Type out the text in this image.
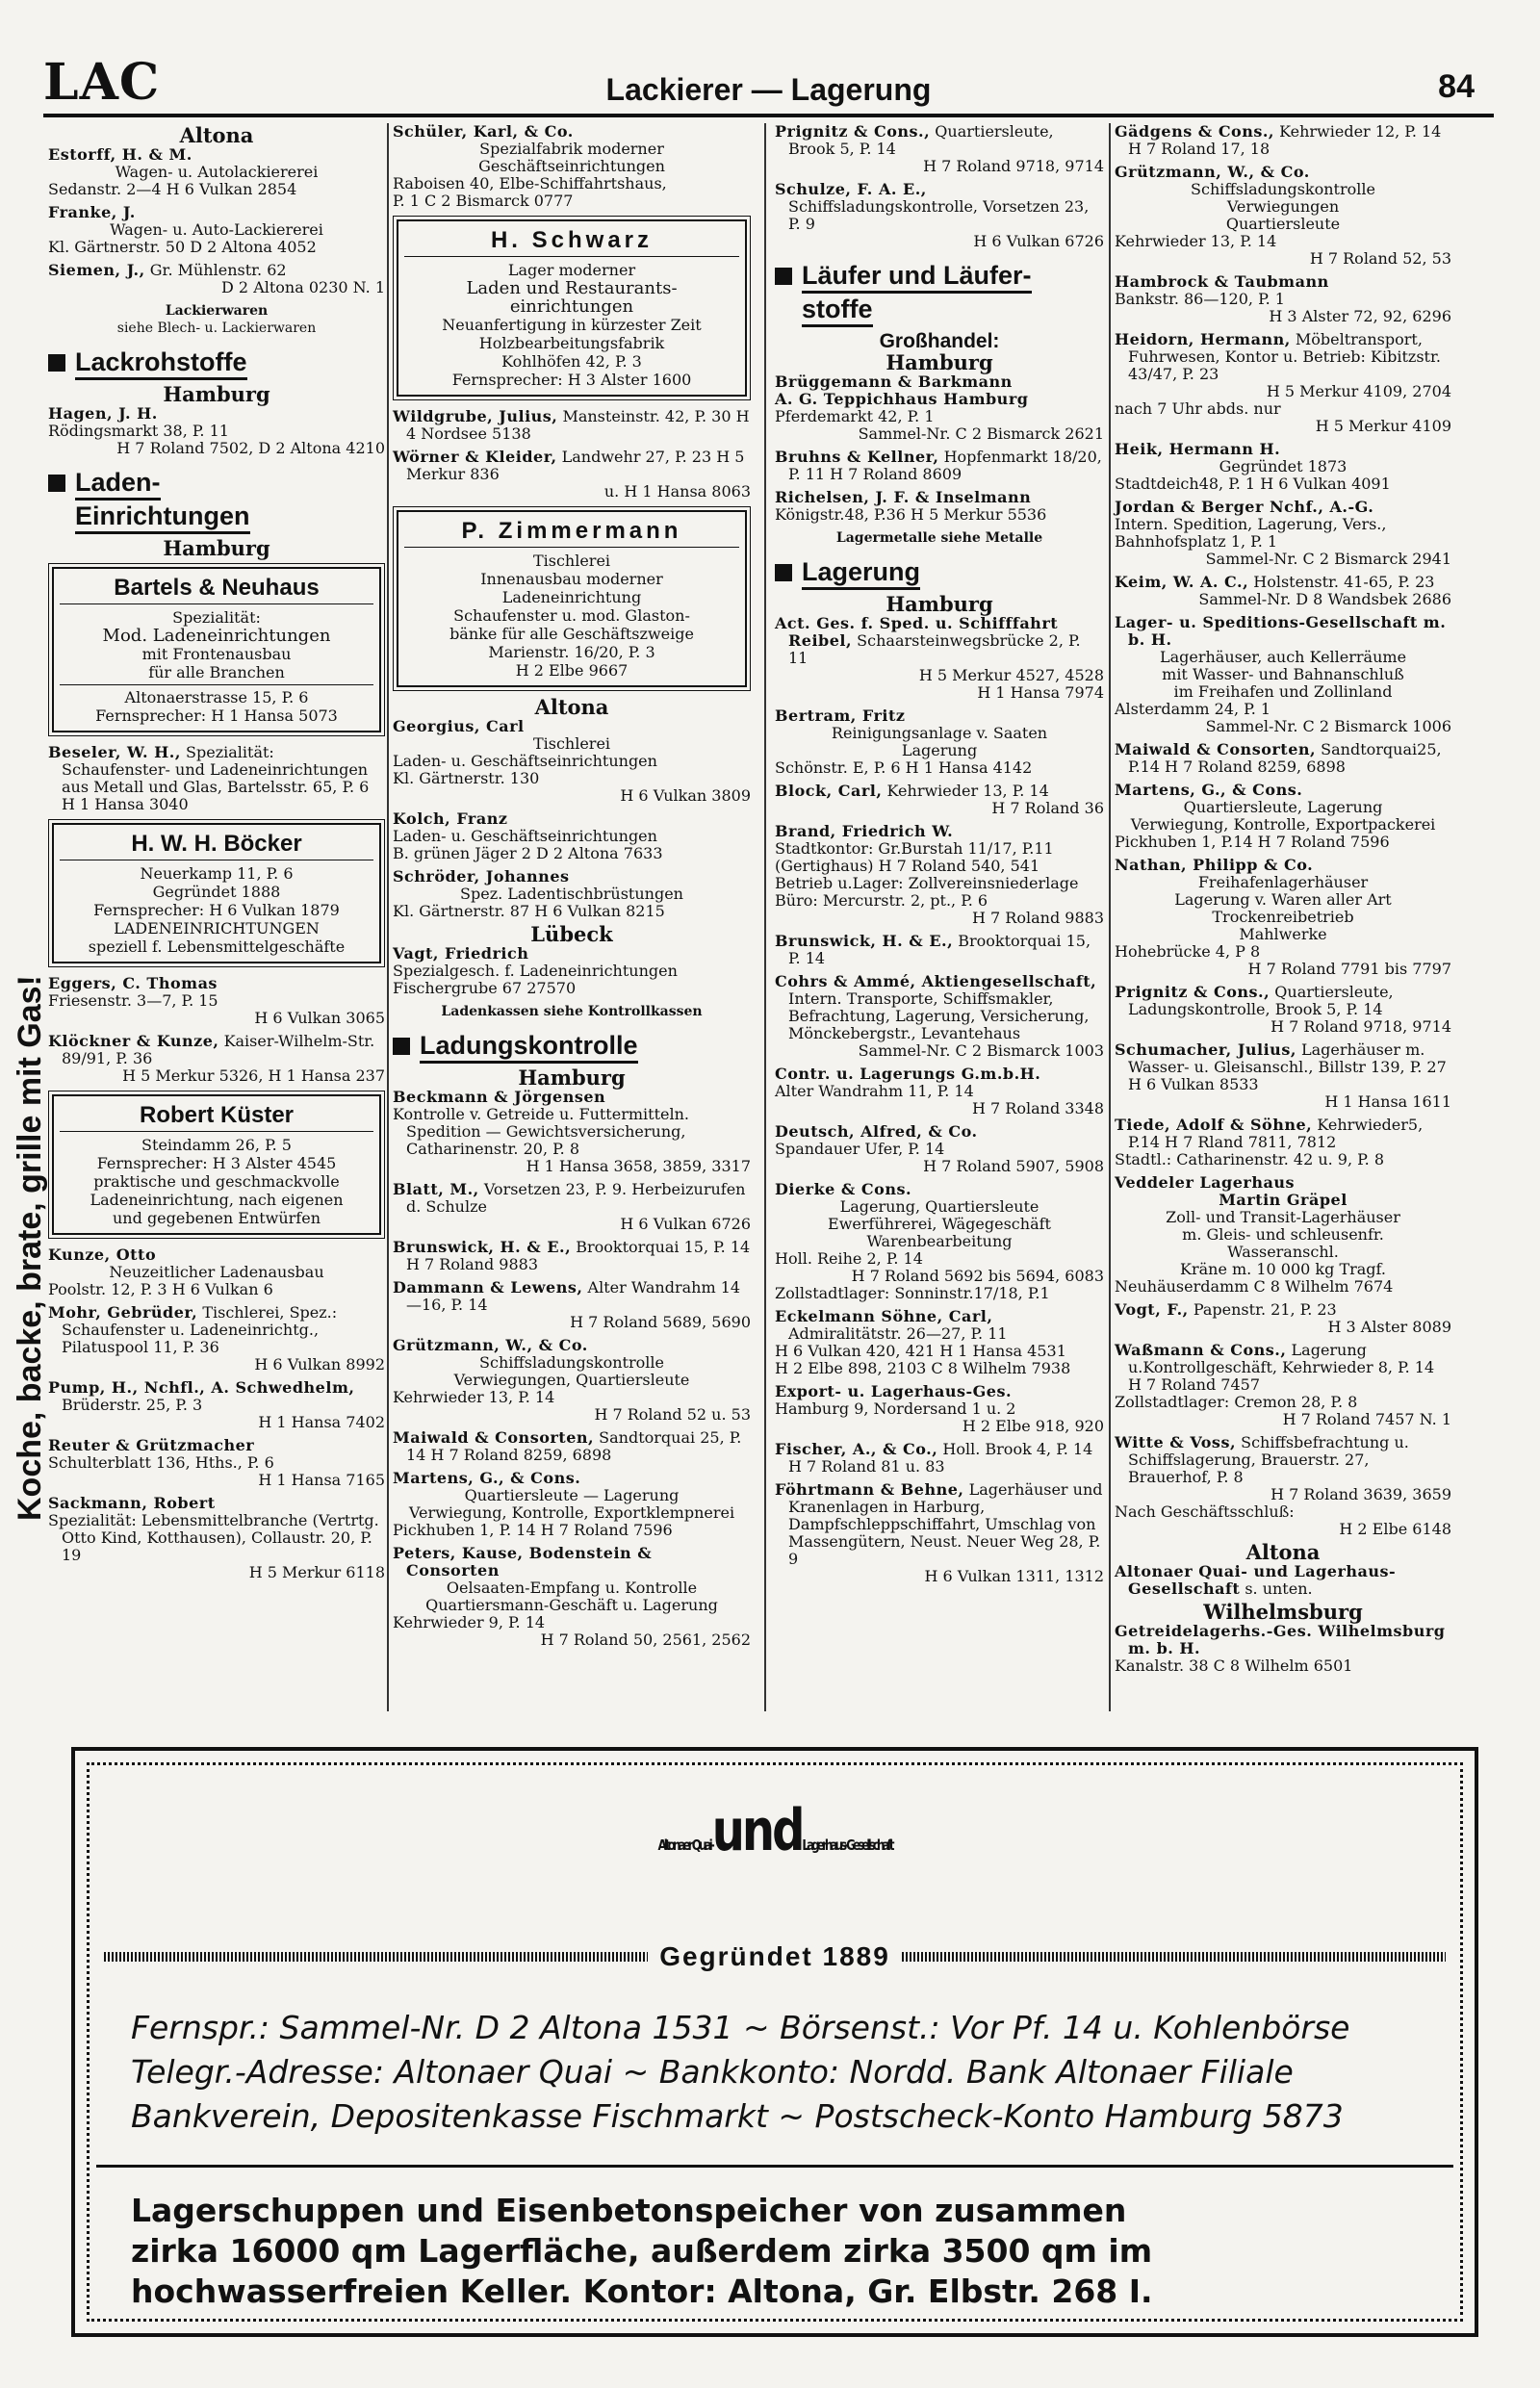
LAC	Lackierer — Lagerung	84
Koche, backe, brate, grille mit Gas!
Altona

Estorff, H. & M.

Wagen- u. Autolackiererei

Sedanstr. 2—4 H 6 Vulkan 2854

Franke, J.

Wagen- u. Auto-Lackiererei

Kl. Gärtnerstr. 50 D 2 Altona 4052

Siemen, J., Gr. Mühlenstr. 62

D 2 Altona 0230 N. 1

Lackierwaren
siehe Blech- u. Lackierwaren
Lackrohstoffe
Hamburg

Hagen, J. H.

Rödingsmarkt 38, P. 11

H 7 Roland 7502, D 2 Altona 4210

Laden-
Einrichtungen
Hamburg
Bartels & Neuhaus
Spezialität:
Mod. Ladeneinrichtungen
mit Frontenausbau
für alle Branchen
Altonaerstrasse 15, P. 6
Fernsprecher: H 1 Hansa 5073

Beseler, W. H., Spezialität: Schaufenster- und Ladeneinrichtungen aus Metall und Glas, Bartelsstr. 65, P. 6 H 1 Hansa 3040

H. W. H. Böcker
Neuerkamp 11, P. 6
Gegründet 1888
Fernsprecher: H 6 Vulkan 1879
LADENEINRICHTUNGEN
speziell f. Lebensmittelgeschäfte

Eggers, C. Thomas

Friesenstr. 3—7, P. 15

H 6 Vulkan 3065

Klöckner & Kunze, Kaiser-Wilhelm-Str. 89/91, P. 36

H 5 Merkur 5326, H 1 Hansa 237

Robert Küster
Steindamm 26, P. 5
Fernsprecher: H 3 Alster 4545
praktische und geschmackvolle
Ladeneinrichtung, nach eigenen
und gegebenen Entwürfen

Kunze, Otto

Neuzeitlicher Ladenausbau

Poolstr. 12, P. 3 H 6 Vulkan 6

Mohr, Gebrüder, Tischlerei, Spez.: Schaufenster u. Ladeneinrichtg., Pilatuspool 11, P. 36

H 6 Vulkan 8992

Pump, H., Nchfl., A. Schwedhelm, Brüderstr. 25, P. 3

H 1 Hansa 7402

Reuter & Grützmacher

Schulterblatt 136, Hths., P. 6

H 1 Hansa 7165

Sackmann, Robert

Spezialität: Lebensmittelbranche (Vertrtg. Otto Kind, Kotthausen), Collaustr. 20, P. 19

H 5 Merkur 6118

Schüler, Karl, & Co.

Spezialfabrik moderner

Geschäftseinrichtungen

Raboisen 40, Elbe-Schiffahrtshaus,

P. 1 C 2 Bismarck 0777

H. Schwarz
Lager moderner
Laden und Restaurants-
einrichtungen
Neuanfertigung in kürzester Zeit
Holzbearbeitungsfabrik
Kohlhöfen 42, P. 3
Fernsprecher: H 3 Alster 1600

Wildgrube, Julius, Mansteinstr. 42, P. 30 H 4 Nordsee 5138

Wörner & Kleider, Landwehr 27, P. 23 H 5 Merkur 836

u. H 1 Hansa 8063

P. Zimmermann
Tischlerei
Innenausbau moderner
Ladeneinrichtung
Schaufenster u. mod. Glaston-
bänke für alle Geschäftszweige
Marienstr. 16/20, P. 3
H 2 Elbe 9667
Altona

Georgius, Carl

Tischlerei

Laden- u. Geschäftseinrichtungen

Kl. Gärtnerstr. 130

H 6 Vulkan 3809

Kolch, Franz

Laden- u. Geschäftseinrichtungen

B. grünen Jäger 2 D 2 Altona 7633

Schröder, Johannes

Spez. Ladentischbrüstungen

Kl. Gärtnerstr. 87 H 6 Vulkan 8215

Lübeck

Vagt, Friedrich

Spezialgesch. f. Ladeneinrichtungen

Fischergrube 67 27570

Ladenkassen siehe Kontrollkassen
Ladungskontrolle
Hamburg

Beckmann & Jörgensen

Kontrolle v. Getreide u. Futtermitteln. Spedition — Gewichtsversicherung, Catharinenstr. 20, P. 8

H 1 Hansa 3658, 3859, 3317

Blatt, M., Vorsetzen 23, P. 9. Herbeizurufen d. Schulze

H 6 Vulkan 6726

Brunswick, H. & E., Brooktorquai 15, P. 14 H 7 Roland 9883

Dammann & Lewens, Alter Wandrahm 14—16, P. 14

H 7 Roland 5689, 5690

Grützmann, W., & Co.

Schiffsladungskontrolle

Verwiegungen, Quartiersleute

Kehrwieder 13, P. 14

H 7 Roland 52 u. 53

Maiwald & Consorten, Sandtorquai 25, P. 14 H 7 Roland 8259, 6898

Martens, G., & Cons.

Quartiersleute — Lagerung

Verwiegung, Kontrolle, Exportklempnerei

Pickhuben 1, P. 14 H 7 Roland 7596

Peters, Kause, Bodenstein & Consorten

Oelsaaten-Empfang u. Kontrolle

Quartiersmann-Geschäft u. Lagerung

Kehrwieder 9, P. 14

H 7 Roland 50, 2561, 2562

Prignitz & Cons., Quartiersleute, Brook 5, P. 14

H 7 Roland 9718, 9714

Schulze, F. A. E., Schiffsladungskontrolle, Vorsetzen 23, P. 9

H 6 Vulkan 6726

Läufer und Läufer-
stoffe
Großhandel:
Hamburg

Brüggemann & Barkmann

A. G. Teppichhaus Hamburg

Pferdemarkt 42, P. 1

Sammel-Nr. C 2 Bismarck 2621

Bruhns & Kellner, Hopfenmarkt 18/20, P. 11 H 7 Roland 8609

Richelsen, J. F. & Inselmann

Königstr.48, P.36 H 5 Merkur 5536

Lagermetalle siehe Metalle
Lagerung
Hamburg

Act. Ges. f. Sped. u. Schifffahrt Reibel, Schaarsteinwegsbrücke 2, P. 11

H 5 Merkur 4527, 4528

H 1 Hansa 7974

Bertram, Fritz

Reinigungsanlage v. Saaten

Lagerung

Schönstr. E, P. 6 H 1 Hansa 4142

Block, Carl, Kehrwieder 13, P. 14

H 7 Roland 36

Brand, Friedrich W.

Stadtkontor: Gr.Burstah 11/17, P.11

(Gertighaus) H 7 Roland 540, 541

Betrieb u.Lager: Zollvereinsniederlage

Büro: Mercurstr. 2, pt., P. 6

H 7 Roland 9883

Brunswick, H. & E., Brooktorquai 15, P. 14

Cohrs & Ammé, Aktiengesellschaft, Intern. Transporte, Schiffsmakler, Befrachtung, Lagerung, Versicherung, Mönckebergstr., Levantehaus

Sammel-Nr. C 2 Bismarck 1003

Contr. u. Lagerungs G.m.b.H.

Alter Wandrahm 11, P. 14

H 7 Roland 3348

Deutsch, Alfred, & Co.

Spandauer Ufer, P. 14

H 7 Roland 5907, 5908

Dierke & Cons.

Lagerung, Quartiersleute

Ewerführerei, Wägegeschäft

Warenbearbeitung

Holl. Reihe 2, P. 14

H 7 Roland 5692 bis 5694, 6083

Zollstadtlager: Sonninstr.17/18, P.1

Eckelmann Söhne, Carl, Admiralitätstr. 26—27, P. 11

H 6 Vulkan 420, 421 H 1 Hansa 4531

H 2 Elbe 898, 2103 C 8 Wilhelm 7938

Export- u. Lagerhaus-Ges.

Hamburg 9, Nordersand 1 u. 2

H 2 Elbe 918, 920

Fischer, A., & Co., Holl. Brook 4, P. 14 H 7 Roland 81 u. 83

Föhrtmann & Behne, Lagerhäuser und Kranenlagen in Harburg, Dampfschleppschiffahrt, Umschlag von Massengütern, Neust. Neuer Weg 28, P. 9

H 6 Vulkan 1311, 1312

Gädgens & Cons., Kehrwieder 12, P. 14 H 7 Roland 17, 18

Grützmann, W., & Co.

Schiffsladungskontrolle

Verwiegungen

Quartiersleute

Kehrwieder 13, P. 14

H 7 Roland 52, 53

Hambrock & Taubmann

Bankstr. 86—120, P. 1

H 3 Alster 72, 92, 6296

Heidorn, Hermann, Möbeltransport, Fuhrwesen, Kontor u. Betrieb: Kibitzstr. 43/47, P. 23

H 5 Merkur 4109, 2704

nach 7 Uhr abds. nur

H 5 Merkur 4109

Heik, Hermann H.

Gegründet 1873

Stadtdeich48, P. 1 H 6 Vulkan 4091

Jordan & Berger Nchf., A.-G.

Intern. Spedition, Lagerung, Vers.,

Bahnhofsplatz 1, P. 1

Sammel-Nr. C 2 Bismarck 2941

Keim, W. A. C., Holstenstr. 41-65, P. 23

Sammel-Nr. D 8 Wandsbek 2686

Lager- u. Speditions-Gesellschaft m. b. H.

Lagerhäuser, auch Kellerräume

mit Wasser- und Bahnanschluß

im Freihafen und Zollinland

Alsterdamm 24, P. 1

Sammel-Nr. C 2 Bismarck 1006

Maiwald & Consorten, Sandtorquai25, P.14 H 7 Roland 8259, 6898

Martens, G., & Cons.

Quartiersleute, Lagerung

Verwiegung, Kontrolle, Exportpackerei

Pickhuben 1, P.14 H 7 Roland 7596

Nathan, Philipp & Co.

Freihafenlagerhäuser

Lagerung v. Waren aller Art

Trockenreibetrieb

Mahlwerke

Hohebrücke 4, P 8

H 7 Roland 7791 bis 7797

Prignitz & Cons., Quartiersleute, Ladungskontrolle, Brook 5, P. 14

H 7 Roland 9718, 9714

Schumacher, Julius, Lagerhäuser m. Wasser- u. Gleisanschl., Billstr 139, P. 27 H 6 Vulkan 8533

H 1 Hansa 1611

Tiede, Adolf & Söhne, Kehrwieder5, P.14 H 7 Rland 7811, 7812

Stadtl.: Catharinenstr. 42 u. 9, P. 8

Veddeler Lagerhaus

Martin Gräpel

Zoll- und Transit-Lagerhäuser

m. Gleis- und schleusenfr.

Wasseranschl.

Kräne m. 10 000 kg Tragf.

Neuhäuserdamm C 8 Wilhelm 7674

Vogt, F., Papenstr. 21, P. 23

H 3 Alster 8089

Waßmann & Cons., Lagerung u.Kontrollgeschäft, Kehrwieder 8, P. 14 H 7 Roland 7457

Zollstadtlager: Cremon 28, P. 8

H 7 Roland 7457 N. 1

Witte & Voss, Schiffsbefrachtung u. Schiffslagerung, Brauerstr. 27, Brauerhof, P. 8

H 7 Roland 3639, 3659

Nach Geschäftsschluß:

H 2 Elbe 6148

Altona

Altonaer Quai- und Lagerhaus-Gesellschaft s. unten.

Wilhelmsburg

Getreidelagerhs.-Ges. Wilhelmsburg m. b. H.

Kanalstr. 38 C 8 Wilhelm 6501

Altonaer Quai-undLagerhaus-Gesellschaft
Gegründet 1889
Fernspr.: Sammel-Nr. D 2 Altona 1531 ~ Börsenst.: Vor Pf. 14 u. Kohlenbörse
Telegr.-Adresse: Altonaer Quai ~ Bankkonto: Nordd. Bank Altonaer Filiale
Bankverein, Depositenkasse Fischmarkt ~ Postscheck-Konto Hamburg 5873
Lagerschuppen und Eisenbetonspeicher von zusammen
zirka 16000 qm Lagerfläche, außerdem zirka 3500 qm im
hochwasserfreien Keller. Kontor: Altona, Gr. Elbstr. 268 I.
